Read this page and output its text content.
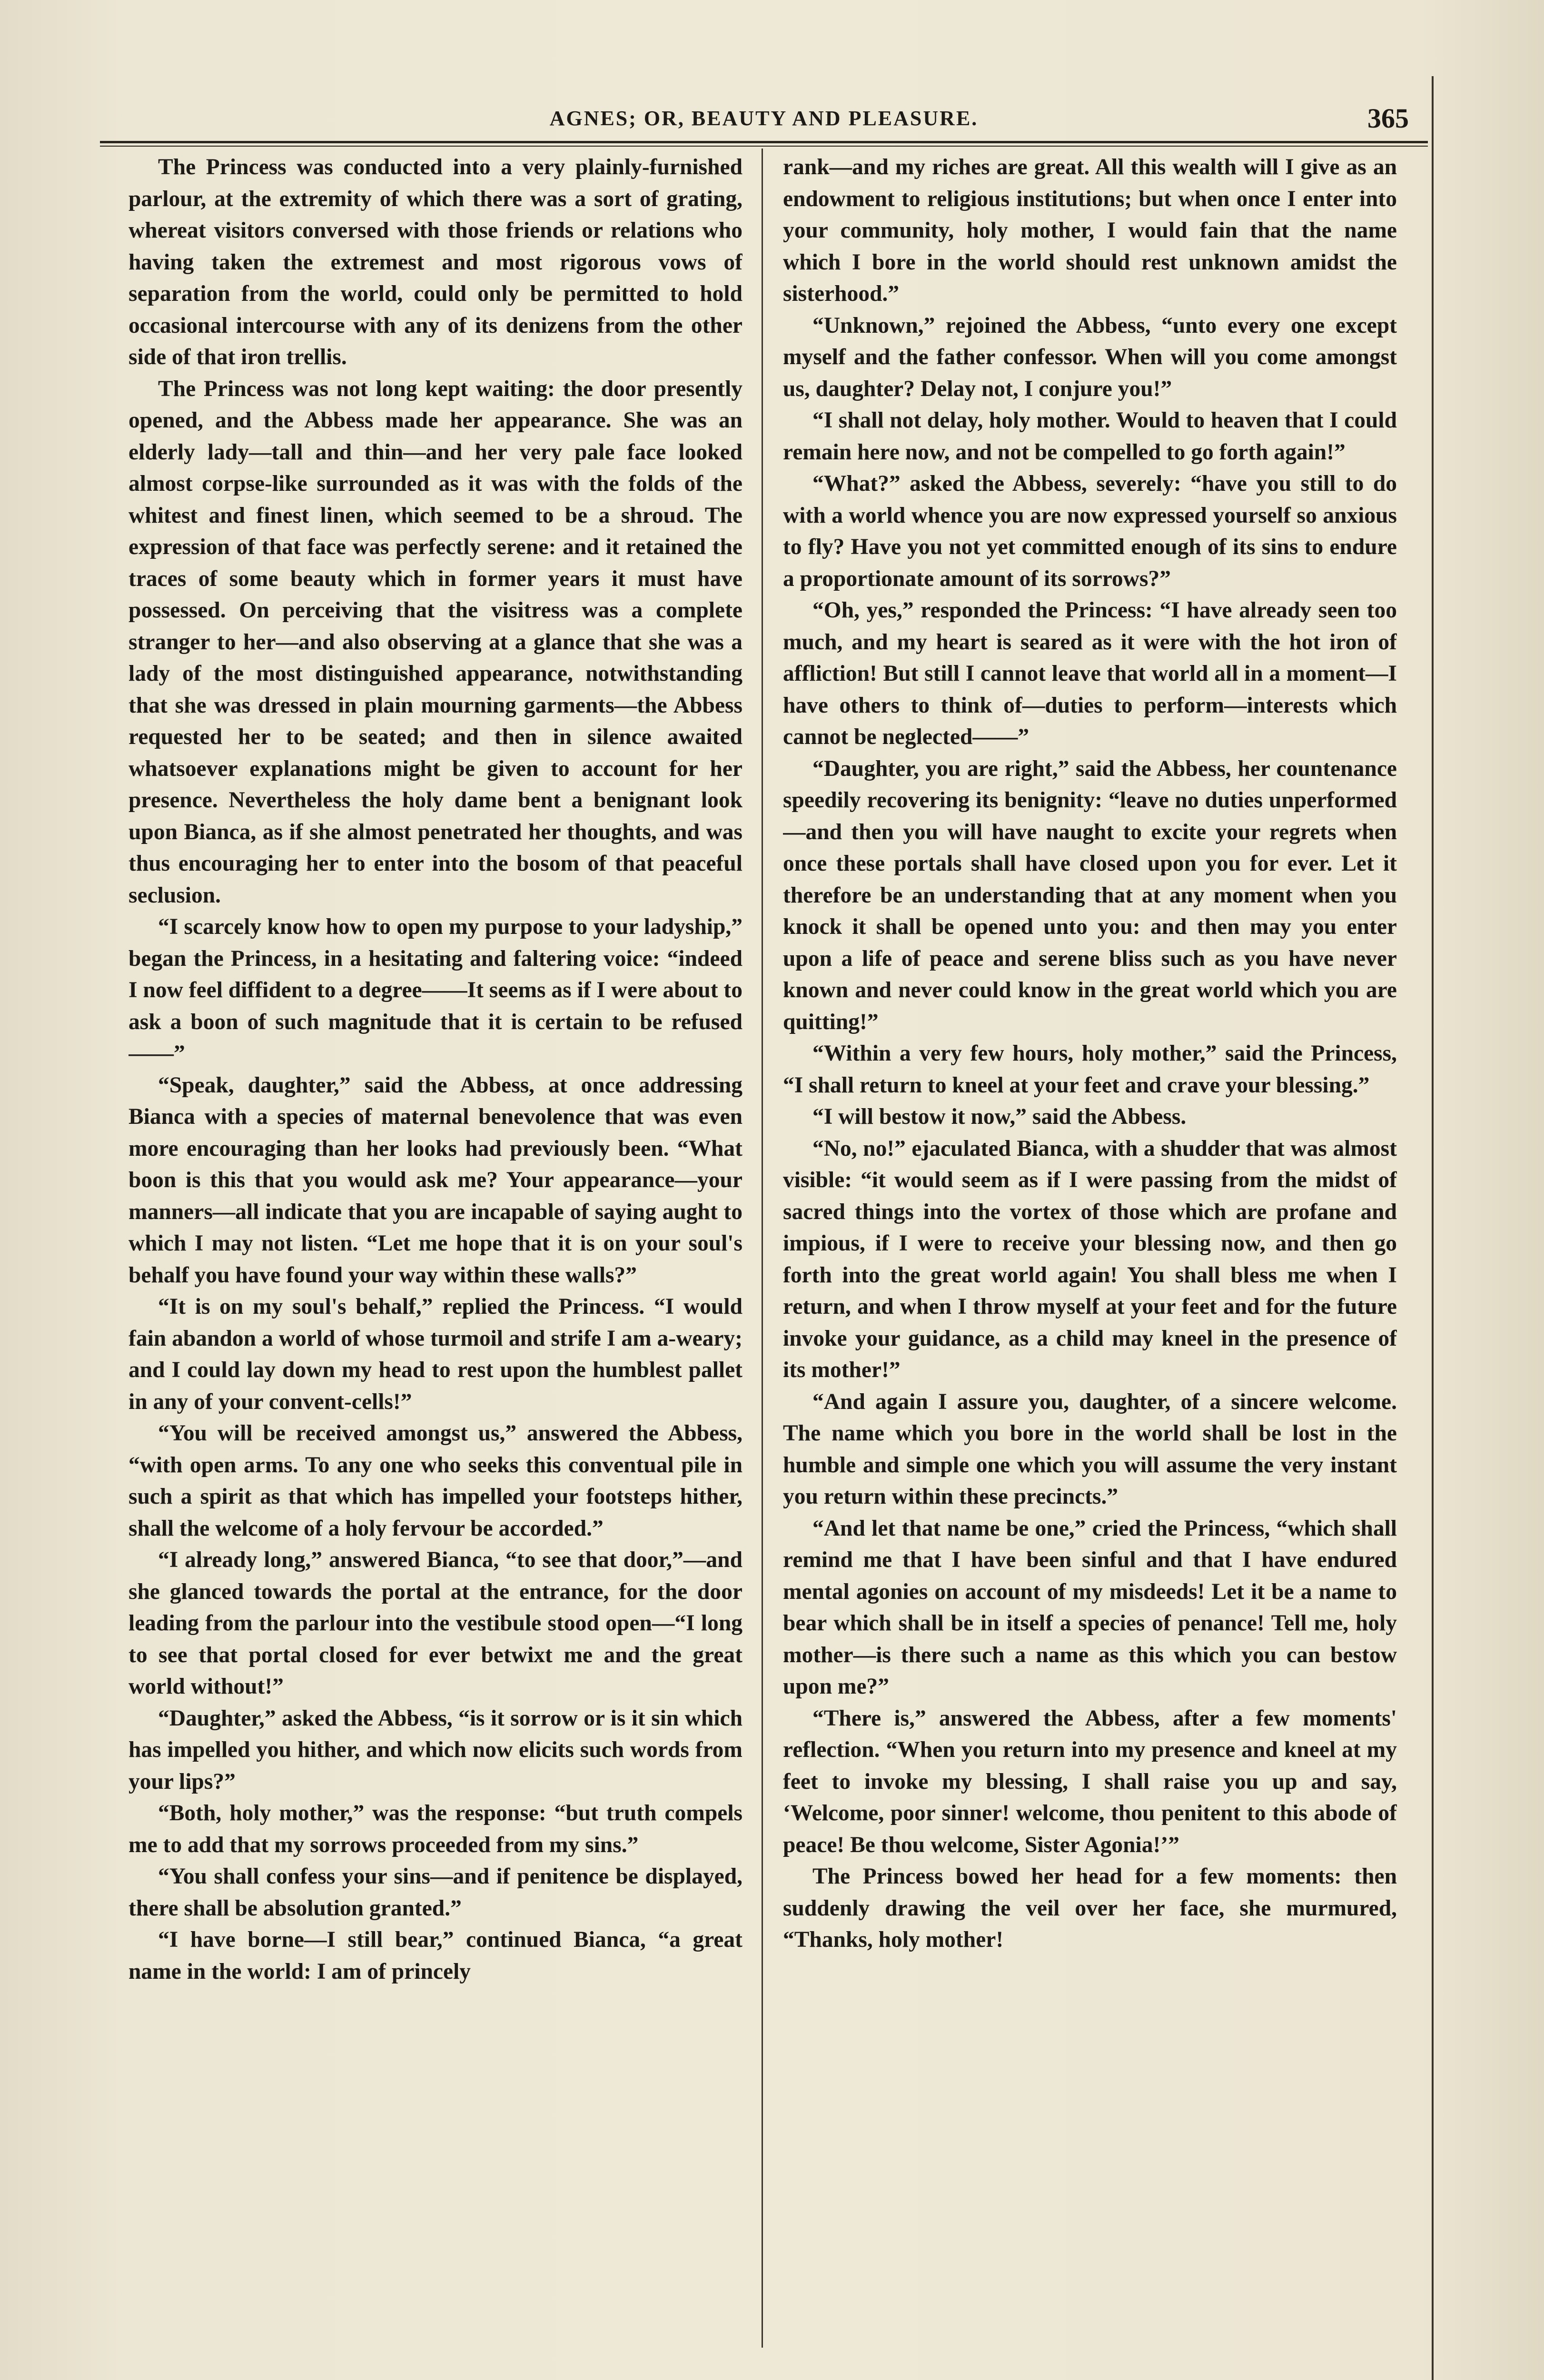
AGNES; OR, BEAUTY AND PLEASURE.	365

The Princess was conducted into a very plainly-furnished parlour, at the extremity of which there was a sort of grating, whereat visitors conversed with those friends or relations who having taken the extremest and most rigorous vows of separation from the world, could only be permitted to hold occasional intercourse with any of its denizens from the other side of that iron trellis.

The Princess was not long kept waiting: the door presently opened, and the Abbess made her appearance. She was an elderly lady—tall and thin—and her very pale face looked almost corpse-like surrounded as it was with the folds of the whitest and finest linen, which seemed to be a shroud. The expression of that face was perfectly serene: and it retained the traces of some beauty which in former years it must have possessed. On perceiving that the visitress was a complete stranger to her—and also observing at a glance that she was a lady of the most distinguished appearance, notwithstanding that she was dressed in plain mourning garments—the Abbess requested her to be seated; and then in silence awaited whatsoever explanations might be given to account for her presence. Nevertheless the holy dame bent a benignant look upon Bianca, as if she almost penetrated her thoughts, and was thus encouraging her to enter into the bosom of that peaceful seclusion.

“I scarcely know how to open my purpose to your ladyship,” began the Princess, in a hesitating and faltering voice: “indeed I now feel diffident to a degree——It seems as if I were about to ask a boon of such magnitude that it is certain to be refused——”

“Speak, daughter,” said the Abbess, at once addressing Bianca with a species of maternal benevolence that was even more encouraging than her looks had previously been. “What boon is this that you would ask me? Your appearance—your manners—all indicate that you are incapable of saying aught to which I may not listen. “Let me hope that it is on your soul's behalf you have found your way within these walls?”

“It is on my soul's behalf,” replied the Princess. “I would fain abandon a world of whose turmoil and strife I am a-weary; and I could lay down my head to rest upon the humblest pallet in any of your convent-cells!”

“You will be received amongst us,” answered the Abbess, “with open arms. To any one who seeks this conventual pile in such a spirit as that which has impelled your footsteps hither, shall the welcome of a holy fervour be accorded.”

“I already long,” answered Bianca, “to see that door,”—and she glanced towards the portal at the entrance, for the door leading from the parlour into the vestibule stood open—“I long to see that portal closed for ever betwixt me and the great world without!”

“Daughter,” asked the Abbess, “is it sorrow or is it sin which has impelled you hither, and which now elicits such words from your lips?”

“Both, holy mother,” was the response: “but truth compels me to add that my sorrows proceeded from my sins.”

“You shall confess your sins—and if penitence be displayed, there shall be absolution granted.”

“I have borne—I still bear,” continued Bianca, “a great name in the world: I am of princely

rank—and my riches are great. All this wealth will I give as an endowment to religious institutions; but when once I enter into your community, holy mother, I would fain that the name which I bore in the world should rest unknown amidst the sisterhood.”

“Unknown,” rejoined the Abbess, “unto every one except myself and the father confessor. When will you come amongst us, daughter? Delay not, I conjure you!”

“I shall not delay, holy mother. Would to heaven that I could remain here now, and not be compelled to go forth again!”

“What?” asked the Abbess, severely: “have you still to do with a world whence you are now expressed yourself so anxious to fly? Have you not yet committed enough of its sins to endure a proportionate amount of its sorrows?”

“Oh, yes,” responded the Princess: “I have already seen too much, and my heart is seared as it were with the hot iron of affliction! But still I cannot leave that world all in a moment—I have others to think of—duties to perform—interests which cannot be neglected——”

“Daughter, you are right,” said the Abbess, her countenance speedily recovering its benignity: “leave no duties unperformed—and then you will have naught to excite your regrets when once these portals shall have closed upon you for ever. Let it therefore be an understanding that at any moment when you knock it shall be opened unto you: and then may you enter upon a life of peace and serene bliss such as you have never known and never could know in the great world which you are quitting!”

“Within a very few hours, holy mother,” said the Princess, “I shall return to kneel at your feet and crave your blessing.”

“I will bestow it now,” said the Abbess.

“No, no!” ejaculated Bianca, with a shudder that was almost visible: “it would seem as if I were passing from the midst of sacred things into the vortex of those which are profane and impious, if I were to receive your blessing now, and then go forth into the great world again! You shall bless me when I return, and when I throw myself at your feet and for the future invoke your guidance, as a child may kneel in the presence of its mother!”

“And again I assure you, daughter, of a sincere welcome. The name which you bore in the world shall be lost in the humble and simple one which you will assume the very instant you return within these precincts.”

“And let that name be one,” cried the Princess, “which shall remind me that I have been sinful and that I have endured mental agonies on account of my misdeeds! Let it be a name to bear which shall be in itself a species of penance! Tell me, holy mother—is there such a name as this which you can bestow upon me?”

“There is,” answered the Abbess, after a few moments' reflection. “When you return into my presence and kneel at my feet to invoke my blessing, I shall raise you up and say, ‘Welcome, poor sinner! welcome, thou penitent to this abode of peace! Be thou welcome, Sister Agonia!’”

The Princess bowed her head for a few moments: then suddenly drawing the veil over her face, she murmured, “Thanks, holy mother!
